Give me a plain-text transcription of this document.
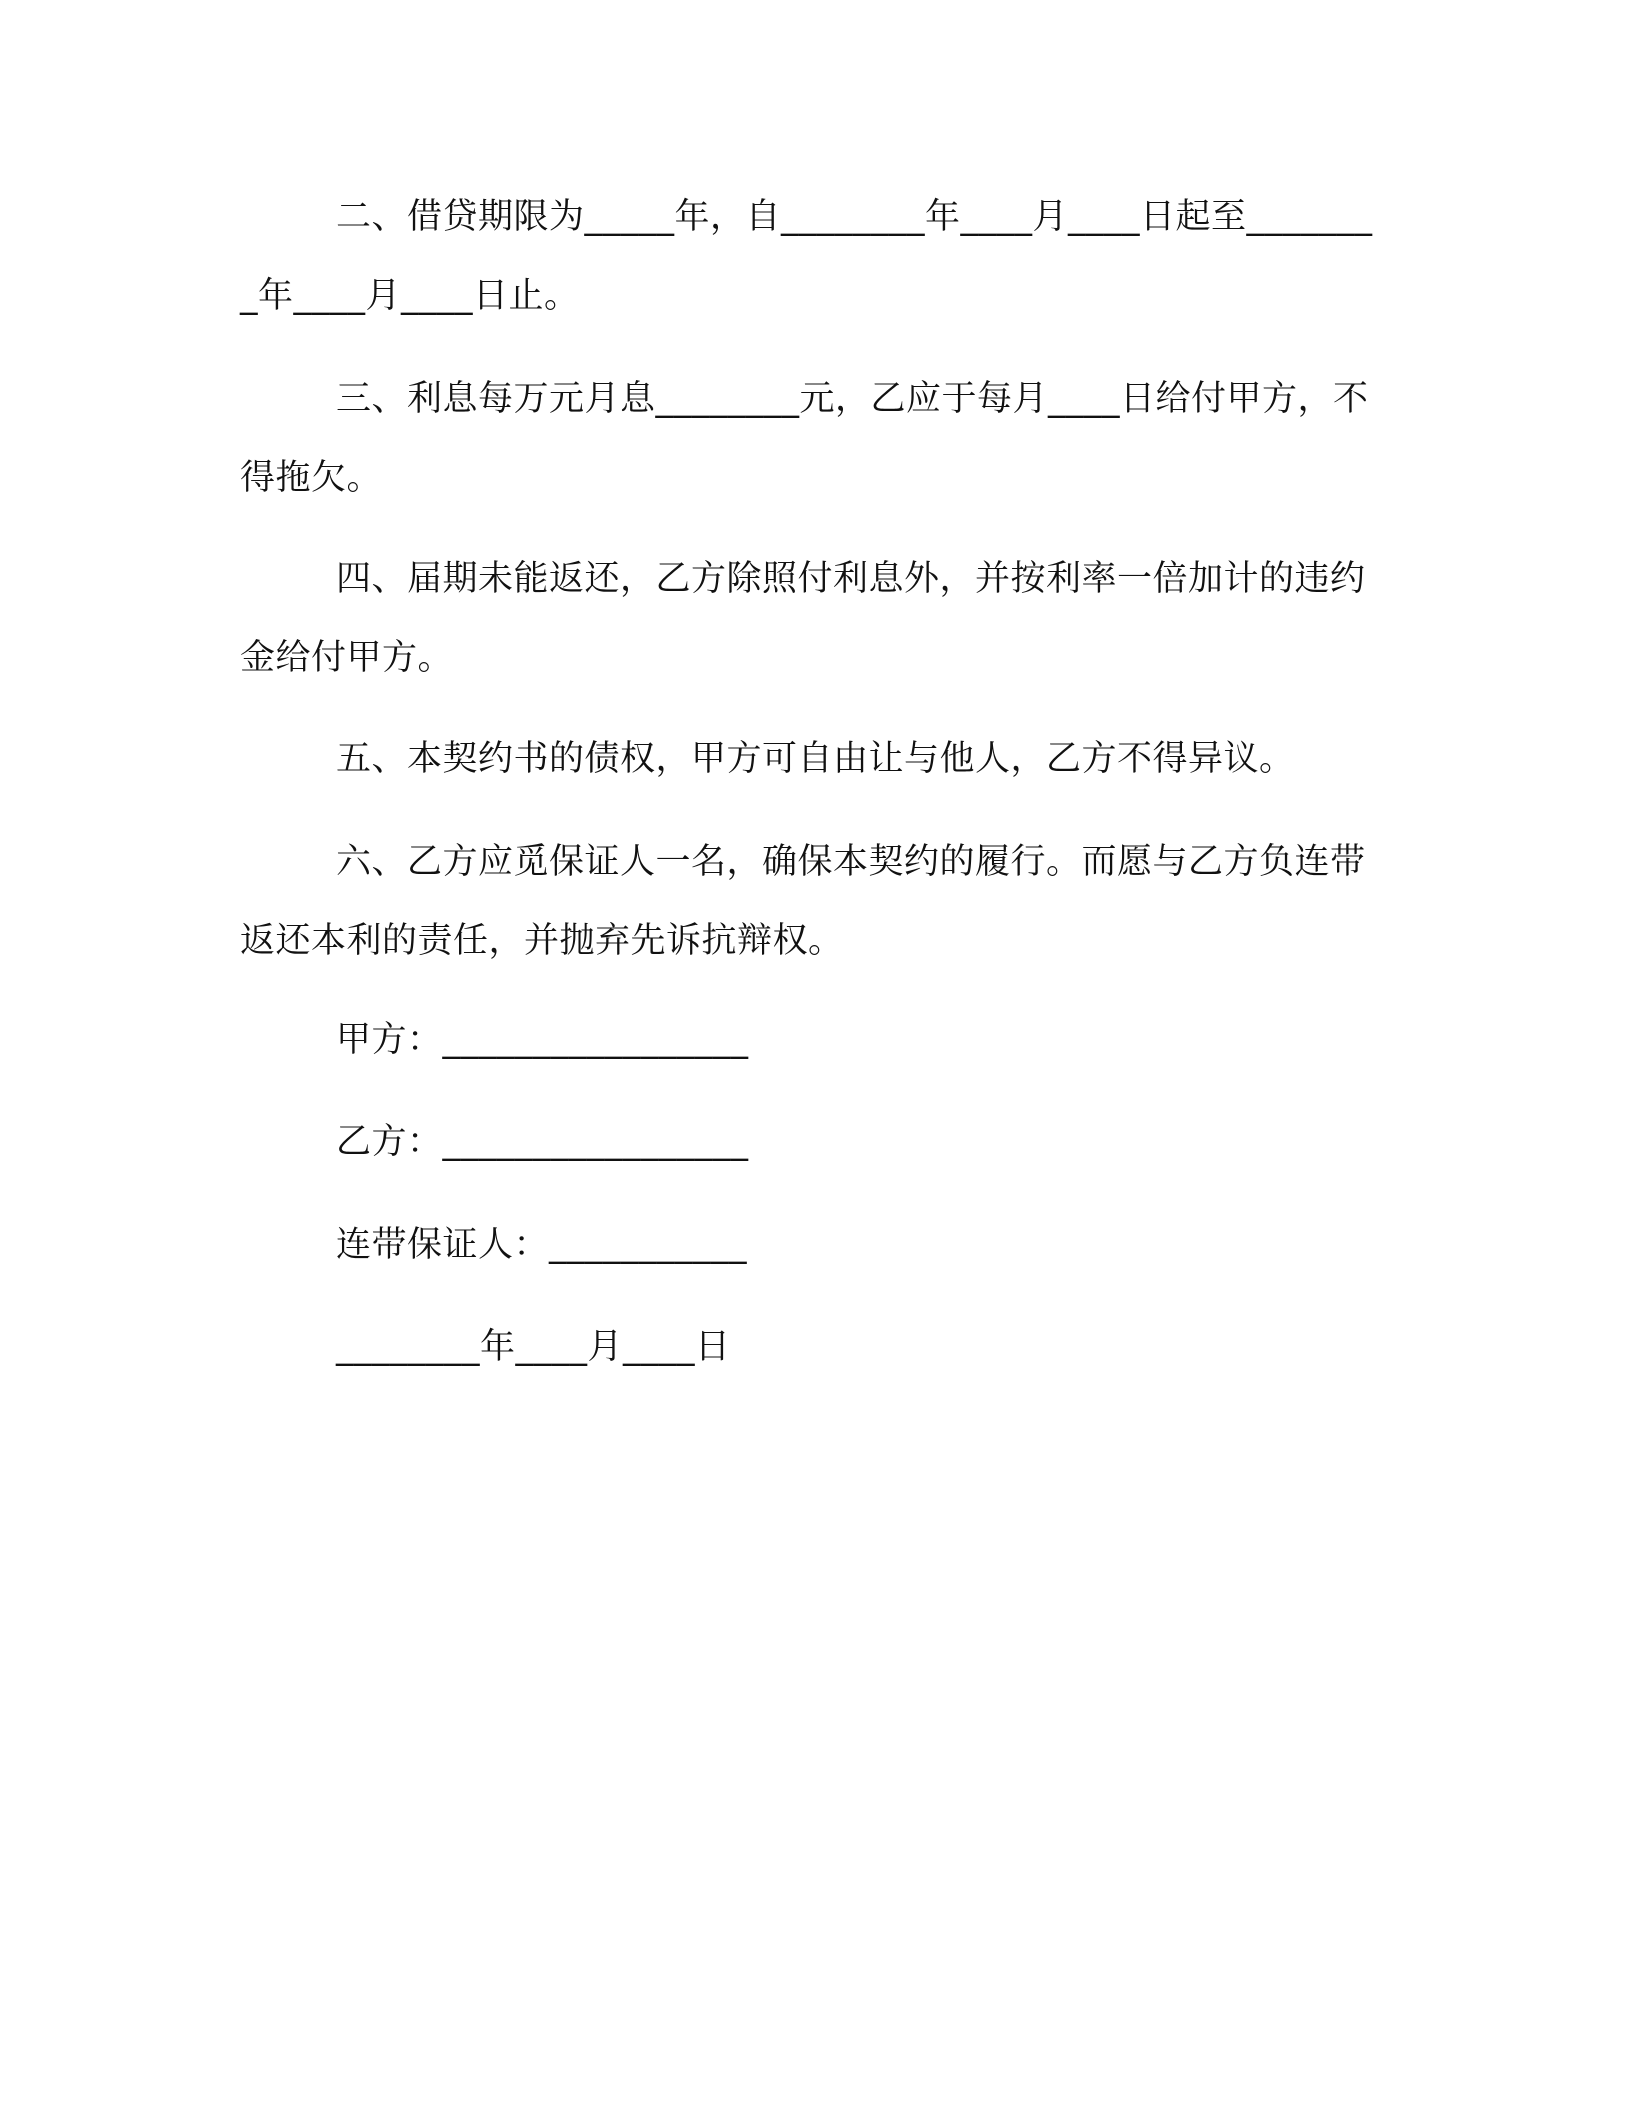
二、借贷期限为_____年，自________年____月____日起至________年____月____日止。

三、利息每万元月息________元，乙应于每月____日给付甲方，不得拖欠。

四、届期未能返还，乙方除照付利息外，并按利率一倍加计的违约金给付甲方。

五、本契约书的债权，甲方可自由让与他人，乙方不得异议。

六、乙方应觅保证人一名，确保本契约的履行。而愿与乙方负连带返还本利的责任，并抛弃先诉抗辩权。

甲方：_________________

乙方：_________________

连带保证人：___________

________年____月____日
